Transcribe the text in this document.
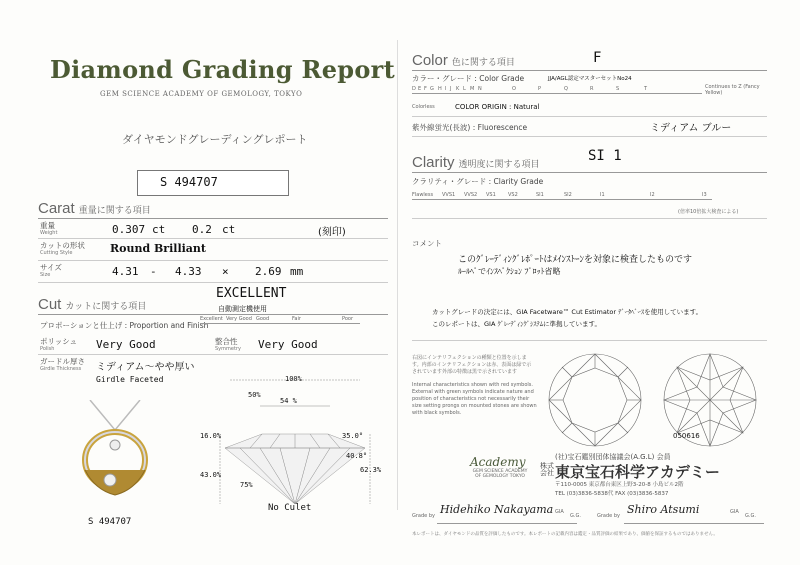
Diamond Grading Report
GEM SCIENCE ACADEMY OF GEMOLOGY, TOKYO
ダイヤモンドグレーディングレポート
S 494707
Carat 重量に関する項目
重量
Weight	0.307 ct 0.2 ct	(刻印)
カットの形状
Cutting Style	Round Brilliant
サイズ
Size	4.31 - 4.33 × 2.69 mm
Cut カットに関する項目
EXCELLENT
自動測定機使用
プロポーションと仕上げ : Proportion and Finish
Excellent Very Good Good	Fair	Poor
ポリッシュ
Polish	Very Good	整合性
Symmetry Very Good
ガードル厚さ
Girdle Thickness	ミディアム～やや厚い
Girdle Faceted	100%
50%
54 %
16.0%	35.0°
40.8°
62.3%
43.0%
75%
No Culet
S 494707
Color 色に関する項目	F
カラー・グレード : Color Grade	JJA/AGL認定マスターセットNo24
D E F G H I J K L M N	O	P	Q	R	S	T	Continues to Z (Fancy Yellow)
Colorless	COLOR ORIGIN : Natural
紫外線蛍光(長波) : Fluorescence	ミディアム ブルー
Clarity 透明度に関する項目	SI 1
クラリティ・グレード : Clarity Grade
Flawless VVS1 VVS2 VS1 VS2	SI1	SI2	I1	I2	I3
(倍率10倍拡大検査による)
コメント
このｸﾞﾚｰﾃﾞｨﾝｸﾞﾚﾎﾟｰﾄはﾒｲﾝｽﾄｰﾝを対象に検査したものです
ﾙｰﾙﾍﾟでｲﾝｽﾍﾟｸｼｮﾝ ﾌﾟﾛｯﾄ省略
カットグレードの決定には、GIA Facetware™ Cut Estimator ﾃﾞｰﾀﾍﾞｰｽを使用しています。
このレポートは、GIA ｸﾞﾚｰﾃﾞｨﾝｸﾞｼｽﾃﾑに準拠しています。
右図にインテリフェクションの種類と位置を示します。内部のインテリフェクションは赤、表面は緑で示されています外部の特徴は黒で示されています
Internal characteristics shown with red symbols. External with green symbols indicate nature and position of characteristics not necessarily their size setting prongs on mounted stones are shown with black symbols.
050616
Academy
GEM SCIENCE ACADEMY OF GEMOLOGY TOKYO
(社)宝石鑑別団体協議会(A.G.L) 会員
株式会社 東京宝石科学アカデミー
〒110-0005 東京都台東区上野3-20-8 小島ビル2階
TEL (03)3836-5838代 FAX (03)3836-5837
Grade by Hidehiko Nakayama GIA
G.G.	Grade by Shiro Atsumi	GIA
G.G.
本レポートは、ダイヤモンドの品質を評価したものです。本レポートの記載内容は鑑定・品質評価の結果であり、価値を保証するものではありません。
